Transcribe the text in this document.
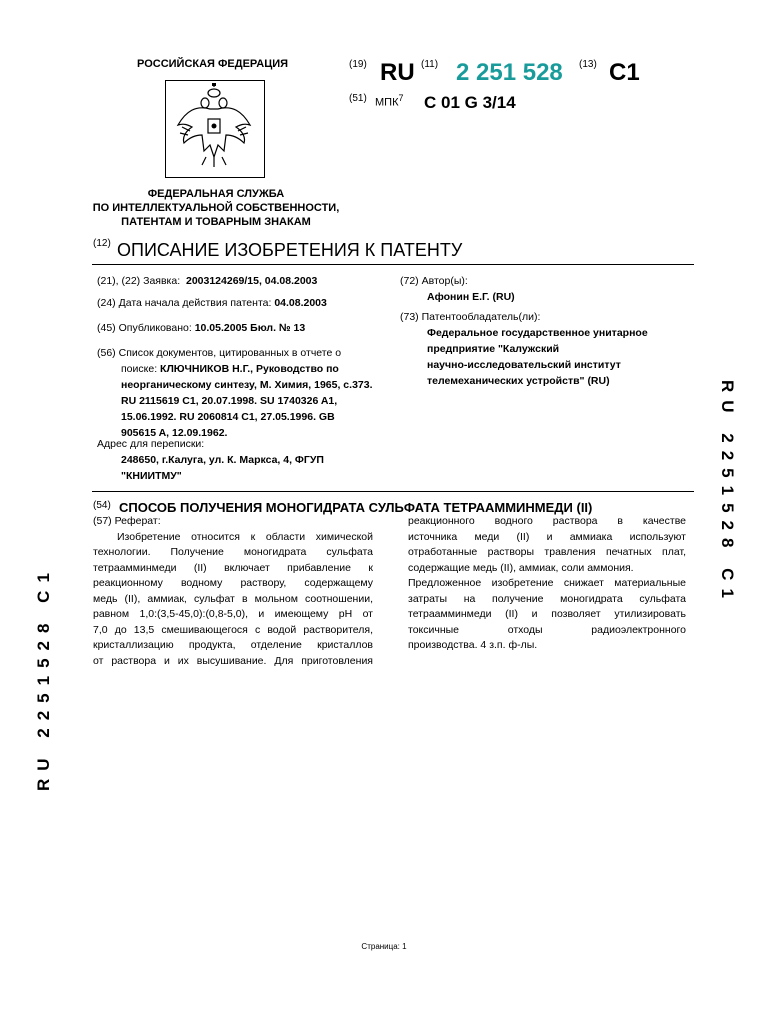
РОССИЙСКАЯ ФЕДЕРАЦИЯ
ФЕДЕРАЛЬНАЯ СЛУЖБА
ПО ИНТЕЛЛЕКТУАЛЬНОЙ СОБСТВЕННОСТИ,
ПАТЕНТАМ И ТОВАРНЫМ ЗНАКАМ
(19) RU (11) 2 251 528 (13) C1
(51) МПК$^7$ C 01 G 3/14
(12) ОПИСАНИЕ ИЗОБРЕТЕНИЯ К ПАТЕНТУ
(21), (22) Заявка: 2003124269/15, 04.08.2003
(24) Дата начала действия патента: 04.08.2003
(45) Опубликовано: 10.05.2005 Бюл. № 13
(56) Список документов, цитированных в отчете о
поиске: КЛЮЧНИКОВ Н.Г., Руководство по
неорганическому синтезу, М. Химия, 1965, с.373.
RU 2115619 C1, 20.07.1998. SU 1740326 A1,
15.06.1992. RU 2060814 C1, 27.05.1996. GB
905615 A, 12.09.1962.
Адрес для переписки:
248650, г.Калуга, ул. К. Маркса, 4, ФГУП
"КНИИТМУ"
(72) Автор(ы):
Афонин Е.Г. (RU)
(73) Патентообладатель(ли):
Федеральное государственное унитарное
предприятие "Калужский
научно-исследовательский институт
телемеханических устройств" (RU)	RU 2251528 C1
RU 2251528 C1
(54) СПОСОБ ПОЛУЧЕНИЯ МОНОГИДРАТА СУЛЬФАТА ТЕТРААММИНМЕДИ (II)
(57) Реферат:
Изобретение относится к области химической
технологии. Получение моногидрата сульфата
тетраамминмеди (II) включает прибавление к
реакционному водному раствору, содержащему
медь (II), аммиак, сульфат в мольном соотношении,
равном 1,0:(3,5-45,0):(0,8-5,0), и имеющему pH от
7,0 до 13,5 смешивающегося с водой растворителя,
кристаллизацию продукта, отделение кристаллов
от раствора и их высушивание. Для приготовления
реакционного водного раствора в качестве
источника меди (II) и аммиака используют
отработанные растворы травления печатных плат,
содержащие медь (II), аммиак, соли аммония.
Предложенное изобретение снижает материальные
затраты на получение моногидрата сульфата
тетраамминмеди (II) и позволяет утилизировать
токсичные отходы радиоэлектронного
производства. 4 з.п. ф-лы.
Страница: 1
